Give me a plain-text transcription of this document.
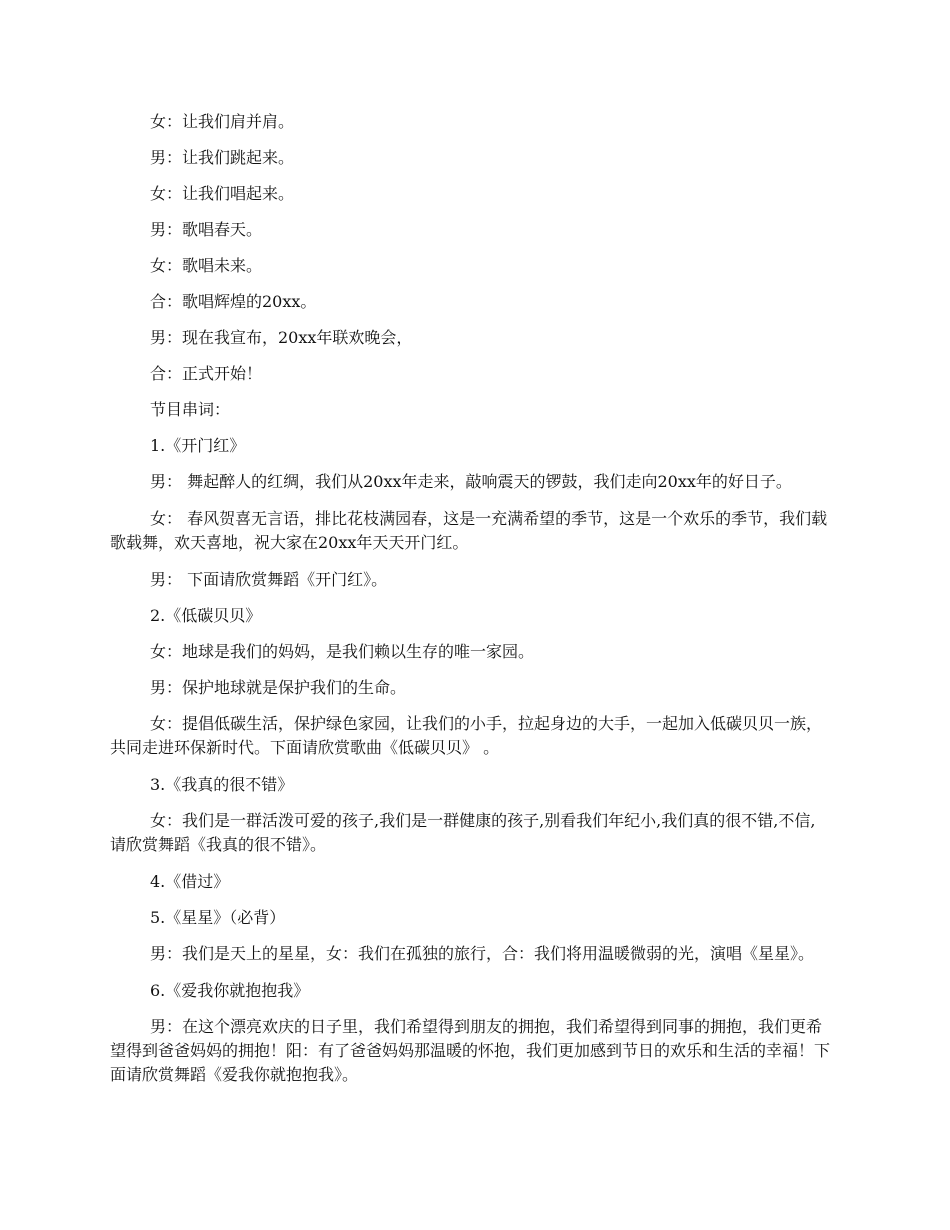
女：让我们肩并肩。

男：让我们跳起来。

女：让我们唱起来。

男：歌唱春天。

女：歌唱未来。

合：歌唱辉煌的20xx。

男：现在我宣布，20xx年联欢晚会，

合：正式开始！

节目串词：

1.《开门红》

男： 舞起醉人的红绸，我们从20xx年走来，敲响震天的锣鼓，我们走向20xx年的好日子。

女： 春风贺喜无言语，排比花枝满园春，这是一充满希望的季节，这是一个欢乐的季节，我们载歌载舞，欢天喜地，祝大家在20xx年天天开门红。

男： 下面请欣赏舞蹈《开门红》。

2.《低碳贝贝》

女：地球是我们的妈妈，是我们赖以生存的唯一家园。

男：保护地球就是保护我们的生命。

女：提倡低碳生活，保护绿色家园，让我们的小手，拉起身边的大手，一起加入低碳贝贝一族，共同走进环保新时代。下面请欣赏歌曲《低碳贝贝》 。

3.《我真的很不错》

女：我们是一群活泼可爱的孩子,我们是一群健康的孩子,别看我们年纪小,我们真的很不错,不信,请欣赏舞蹈《我真的很不错》。

4.《借过》

5.《星星》（必背）

男：我们是天上的星星，女：我们在孤独的旅行，合：我们将用温暖微弱的光，演唱《星星》。

6.《爱我你就抱抱我》

男：在这个漂亮欢庆的日子里，我们希望得到朋友的拥抱，我们希望得到同事的拥抱，我们更希望得到爸爸妈妈的拥抱！阳：有了爸爸妈妈那温暖的怀抱，我们更加感到节日的欢乐和生活的幸福！下面请欣赏舞蹈《爱我你就抱抱我》。
